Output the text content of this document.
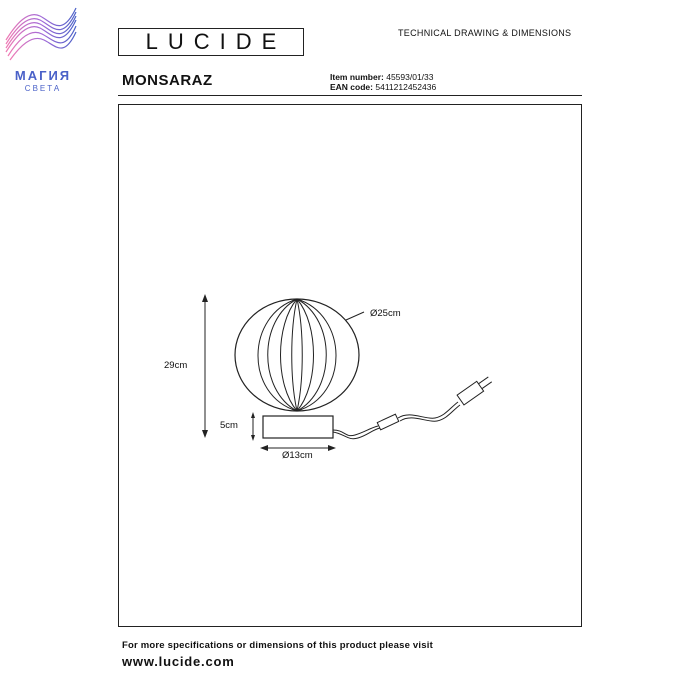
МАГИЯ
СВЕТА
LUCIDE	TECHNICAL DRAWING & DIMENSIONS
MONSARAZ	Item number: 45593/01/33
EAN code: 5411212452436
29cm
5cm
Ø25cm
Ø13cm
For more specifications or dimensions of this product please visit
www.lucide.com
